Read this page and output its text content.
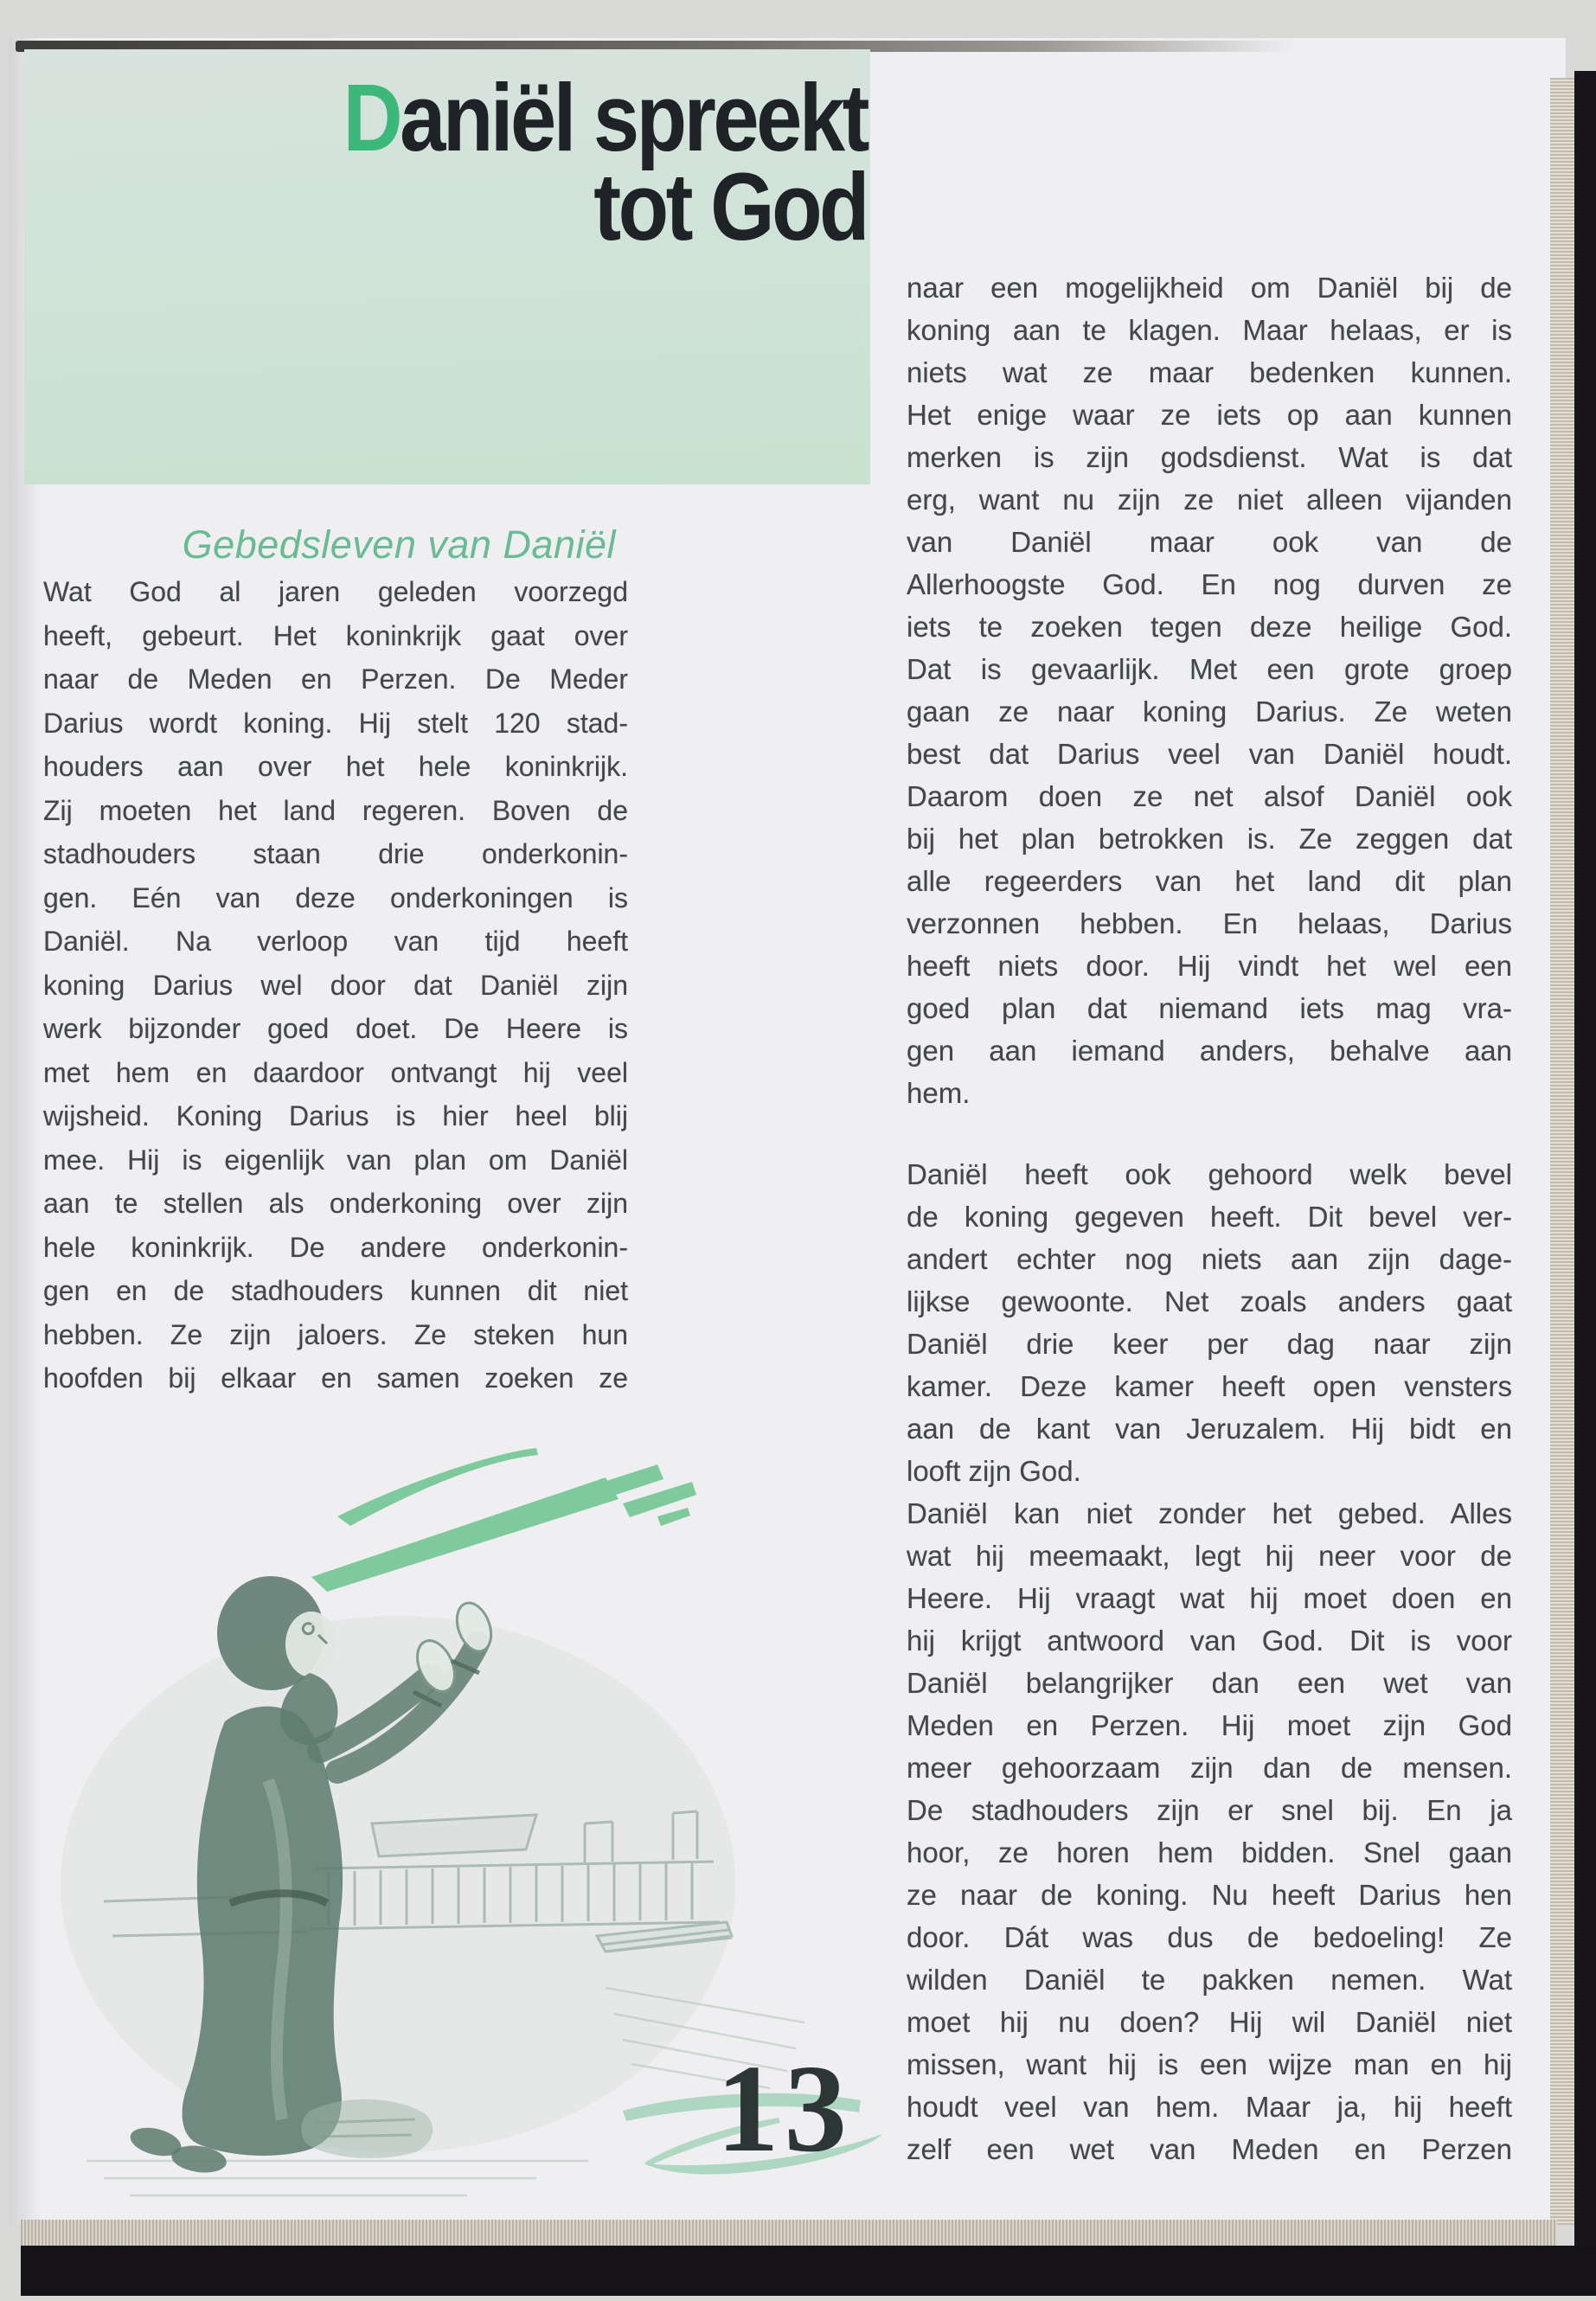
Daniël spreekt
tot God
Gebedsleven van Daniël
Wat God al jaren geleden voorzegd
heeft, gebeurt. Het koninkrijk gaat over
naar de Meden en Perzen. De Meder
Darius wordt koning. Hij stelt 120 stad-
houders aan over het hele koninkrijk.
Zij moeten het land regeren. Boven de
stadhouders staan drie onderkonin-
gen. Eén van deze onderkoningen is
Daniël. Na verloop van tijd heeft
koning Darius wel door dat Daniël zijn
werk bijzonder goed doet. De Heere is
met hem en daardoor ontvangt hij veel
wijsheid. Koning Darius is hier heel blij
mee. Hij is eigenlijk van plan om Daniël
aan te stellen als onderkoning over zijn
hele koninkrijk. De andere onderkonin-
gen en de stadhouders kunnen dit niet
hebben. Ze zijn jaloers. Ze steken hun
hoofden bij elkaar en samen zoeken ze
naar een mogelijkheid om Daniël bij de
koning aan te klagen. Maar helaas, er is
niets wat ze maar bedenken kunnen.
Het enige waar ze iets op aan kunnen
merken is zijn godsdienst. Wat is dat
erg, want nu zijn ze niet alleen vijanden
van Daniël maar ook van de
Allerhoogste God. En nog durven ze
iets te zoeken tegen deze heilige God.
Dat is gevaarlijk. Met een grote groep
gaan ze naar koning Darius. Ze weten
best dat Darius veel van Daniël houdt.
Daarom doen ze net alsof Daniël ook
bij het plan betrokken is. Ze zeggen dat
alle regeerders van het land dit plan
verzonnen hebben. En helaas, Darius
heeft niets door. Hij vindt het wel een
goed plan dat niemand iets mag vra-
gen aan iemand anders, behalve aan
hem.
Daniël heeft ook gehoord welk bevel
de koning gegeven heeft. Dit bevel ver-
andert echter nog niets aan zijn dage-
lijkse gewoonte. Net zoals anders gaat
Daniël drie keer per dag naar zijn
kamer. Deze kamer heeft open vensters
aan de kant van Jeruzalem. Hij bidt en
looft zijn God.
Daniël kan niet zonder het gebed. Alles
wat hij meemaakt, legt hij neer voor de
Heere. Hij vraagt wat hij moet doen en
hij krijgt antwoord van God. Dit is voor
Daniël belangrijker dan een wet van
Meden en Perzen. Hij moet zijn God
meer gehoorzaam zijn dan de mensen.
De stadhouders zijn er snel bij. En ja
hoor, ze horen hem bidden. Snel gaan
ze naar de koning. Nu heeft Darius hen
door. Dát was dus de bedoeling! Ze
wilden Daniël te pakken nemen. Wat
moet hij nu doen? Hij wil Daniël niet
missen, want hij is een wijze man en hij
houdt veel van hem. Maar ja, hij heeft
zelf een wet van Meden en Perzen
13
